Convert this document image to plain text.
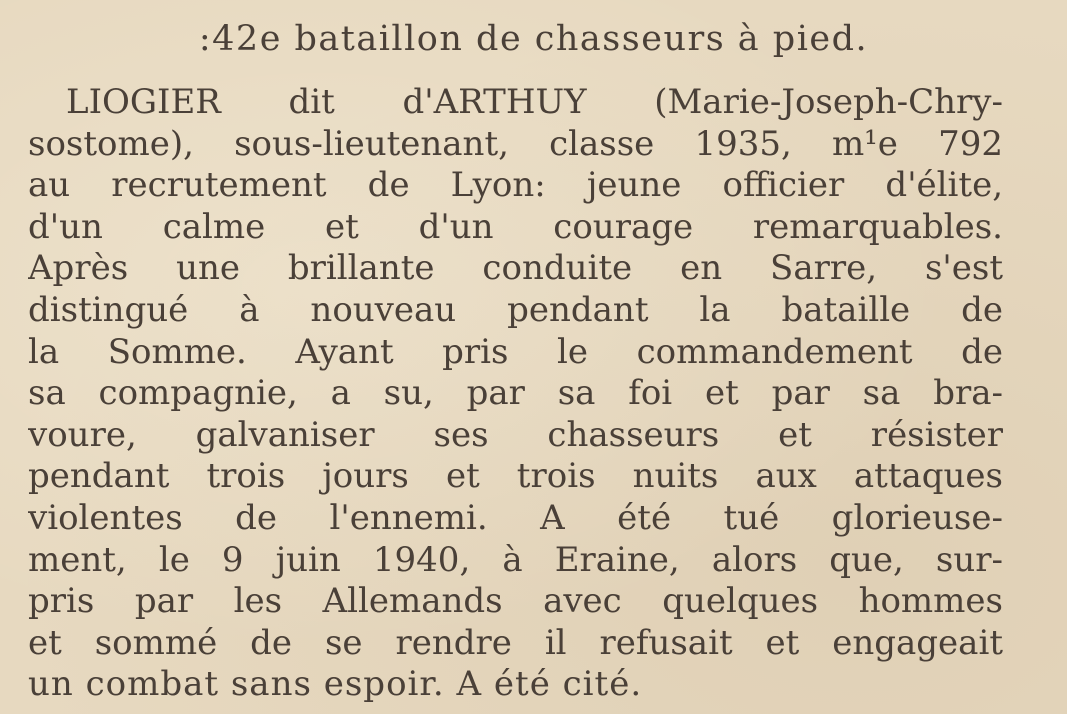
:42e bataillon de chasseurs à pied.
LIOGIER dit d'ARTHUY (Marie-Joseph-Chry-
sostome), sous-lieutenant, classe 1935, m¹e 792
au recrutement de Lyon: jeune officier d'élite,
d'un calme et d'un courage remarquables.
Après une brillante conduite en Sarre, s'est
distingué à nouveau pendant la bataille de
la Somme. Ayant pris le commandement de
sa compagnie, a su, par sa foi et par sa bra-
voure, galvaniser ses chasseurs et résister
pendant trois jours et trois nuits aux attaques
violentes de l'ennemi. A été tué glorieuse-
ment, le 9 juin 1940, à Eraine, alors que, sur-
pris par les Allemands avec quelques hommes
et sommé de se rendre il refusait et engageait
un combat sans espoir. A été cité.
